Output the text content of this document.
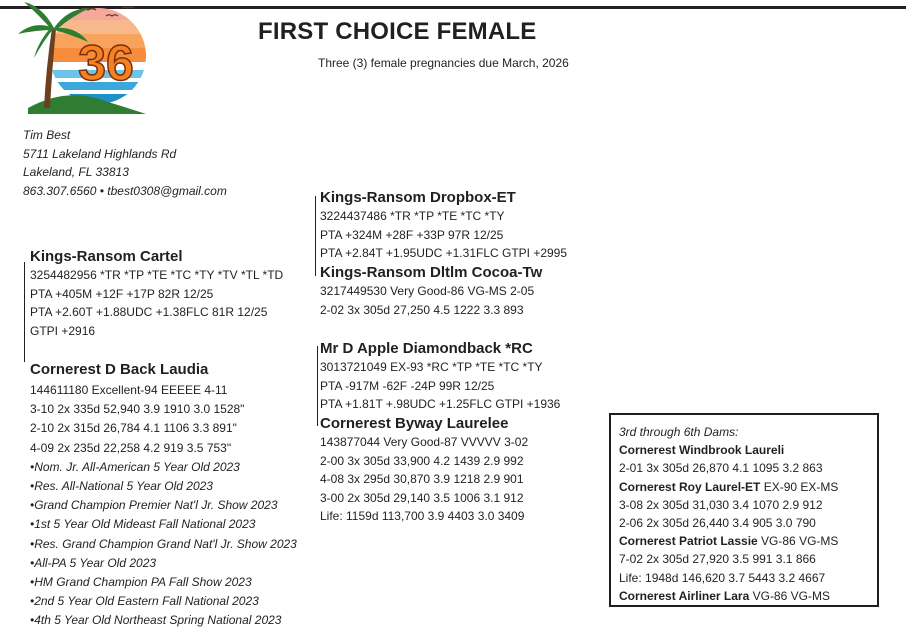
36
FIRST CHOICE FEMALE
Three (3) female pregnancies due March, 2026
Tim Best
5711 Lakeland Highlands Rd
Lakeland, FL 33813
863.307.6560 • tbest0308@gmail.com
Kings-Ransom Cartel
3254482956 *TR *TP *TE *TC *TY *TV *TL *TD
PTA +405M +12F +17P 82R 12/25
PTA +2.60T +1.88UDC +1.38FLC 81R 12/25
GTPI +2916
Cornerest D Back Laudia
144611180 Excellent-94 EEEEE 4-11
3-10 2x 335d 52,940 3.9 1910 3.0 1528"
2-10 2x 315d 26,784 4.1 1106 3.3 891"
4-09 2x 235d 22,258 4.2 919 3.5 753"
•Nom. Jr. All-American 5 Year Old 2023
•Res. All-National 5 Year Old 2023
•Grand Champion Premier Nat'l Jr. Show 2023
•1st 5 Year Old Mideast Fall National 2023
•Res. Grand Champion Grand Nat'l Jr. Show 2023
•All-PA 5 Year Old 2023
•HM Grand Champion PA Fall Show 2023
•2nd 5 Year Old Eastern Fall National 2023
•4th 5 Year Old Northeast Spring National 2023
Kings-Ransom Dropbox-ET
3224437486 *TR *TP *TE *TC *TY
PTA +324M +28F +33P 97R 12/25
PTA +2.84T +1.95UDC +1.31FLC GTPI +2995
Kings-Ransom Dltlm Cocoa-Tw
3217449530 Very Good-86 VG-MS 2-05
2-02 3x 305d 27,250 4.5 1222 3.3 893
Mr D Apple Diamondback *RC
3013721049 EX-93 *RC *TP *TE *TC *TY
PTA -917M -62F -24P 99R 12/25
PTA +1.81T +.98UDC +1.25FLC GTPI +1936
Cornerest Byway Laurelee
143877044 Very Good-87 VVVVV 3-02
2-00 3x 305d 33,900 4.2 1439 2.9 992
4-08 3x 295d 30,870 3.9 1218 2.9 901
3-00 2x 305d 29,140 3.5 1006 3.1 912
Life: 1159d 113,700 3.9 4403 3.0 3409
3rd through 6th Dams:
Cornerest Windbrook Laureli
2-01 3x 305d 26,870 4.1 1095 3.2 863
Cornerest Roy Laurel-ET EX-90 EX-MS
3-08 2x 305d 31,030 3.4 1070 2.9 912
2-06 2x 305d 26,440 3.4 905 3.0 790
Cornerest Patriot Lassie VG-86 VG-MS
7-02 2x 305d 27,920 3.5 991 3.1 866
Life: 1948d 146,620 3.7 5443 3.2 4667
Cornerest Airliner Lara VG-86 VG-MS
